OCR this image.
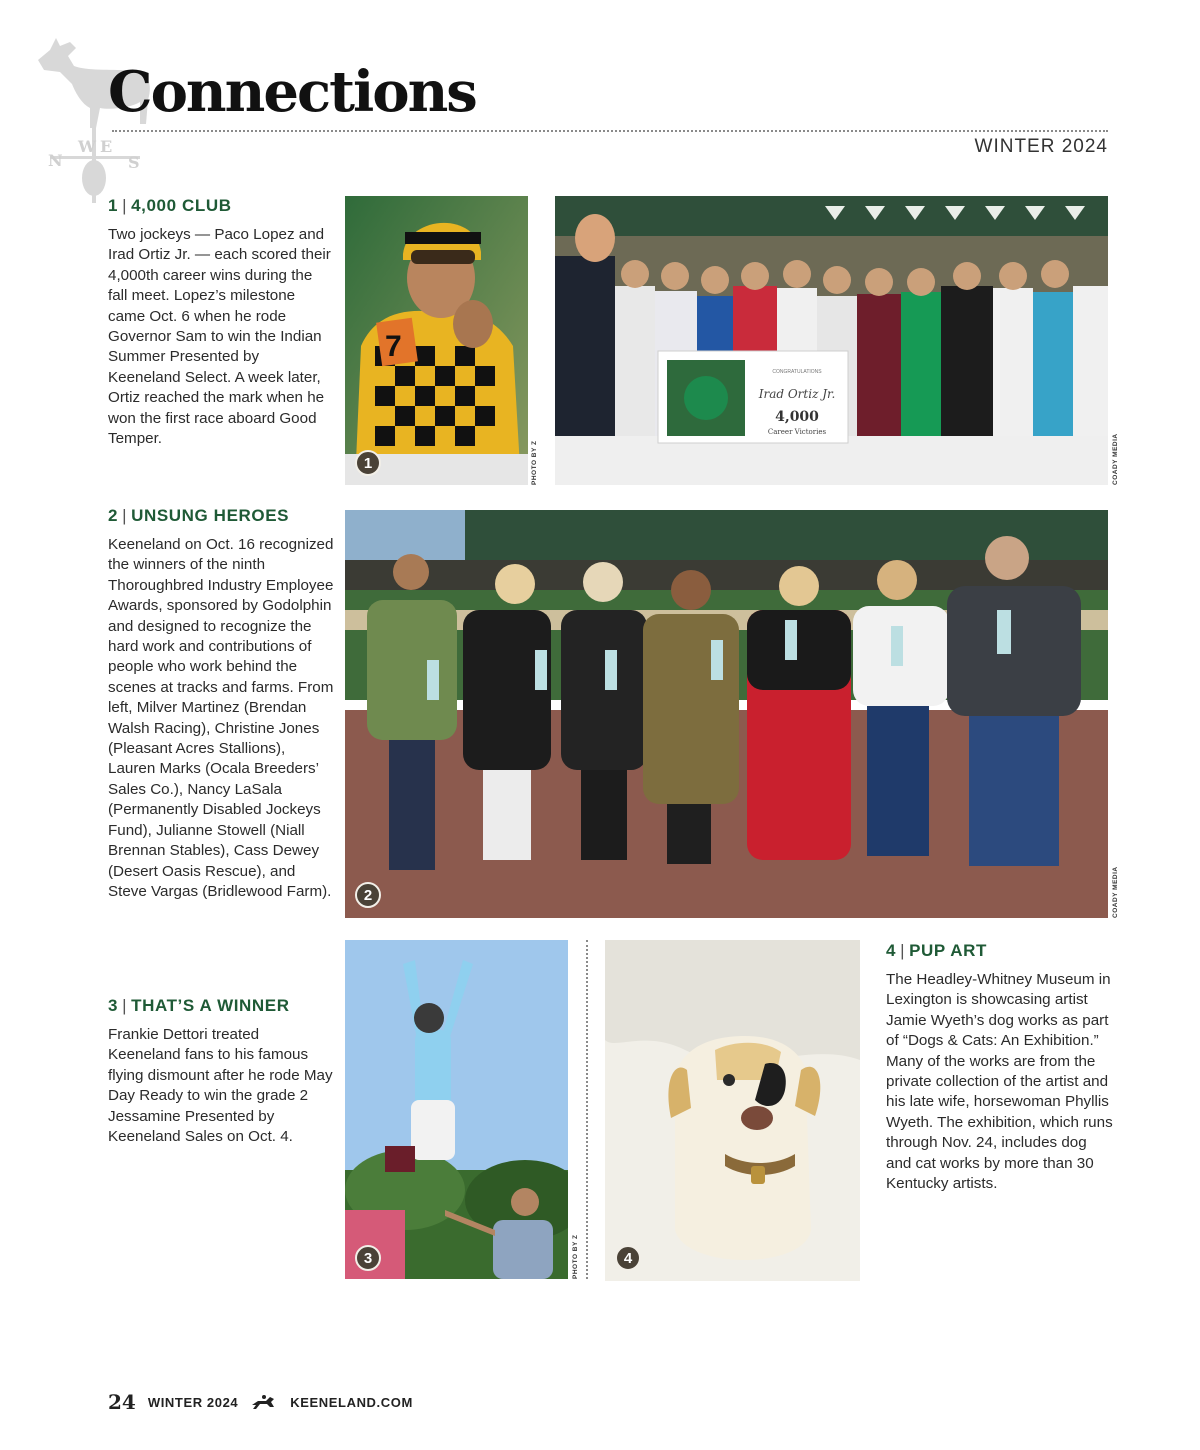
N
W E
S
Connections
WINTER 2024
1 | 4,000 CLUB
Two jockeys — Paco Lopez and Irad Ortiz Jr. — each scored their 4,000th career wins during the fall meet. Lopez’s milestone came Oct. 6 when he rode Governor Sam to win the Indian Summer Presented by Keeneland Select. A week later, Ortiz reached the mark when he won the first race aboard Good Temper.
2 | UNSUNG HEROES
Keeneland on Oct. 16 recognized the winners of the ninth Thoroughbred Industry Employee Awards, sponsored by Godolphin and designed to recognize the hard work and contributions of people who work behind the scenes at tracks and farms. From left, Milver Martinez (Brendan Walsh Racing), Christine Jones (Pleasant Acres Stallions), Lauren Marks (Ocala Breeders’ Sales Co.), Nancy LaSala (Permanently Disabled Jockeys Fund), Julianne Stowell (Niall Brennan Stables), Cass Dewey (Desert Oasis Rescue), and Steve Vargas (Bridlewood Farm).
3 | THAT’S A WINNER
Frankie Dettori treated Keeneland fans to his famous flying dismount after he rode May Day Ready to win the grade 2 Jessamine Presented by Keeneland Sales on Oct. 4.
4 | PUP ART
The Headley-Whitney Museum in Lexington is showcasing artist Jamie Wyeth’s dog works as part of “Dogs & Cats: An Exhibition.” Many of the works are from the private collection of the artist and his late wife, horsewoman Phyllis Wyeth. The exhibition, which runs through Nov. 24, includes dog and cat works by more than 30 Kentucky artists.
7
1	PHOTO BY Z
CONGRATULATIONS
Irad Ortiz Jr.
4,000
Career Victories
COADY MEDIA
2	COADY MEDIA
3	PHOTO BY Z	4
24 WINTER 2024	KEENELAND.COM
